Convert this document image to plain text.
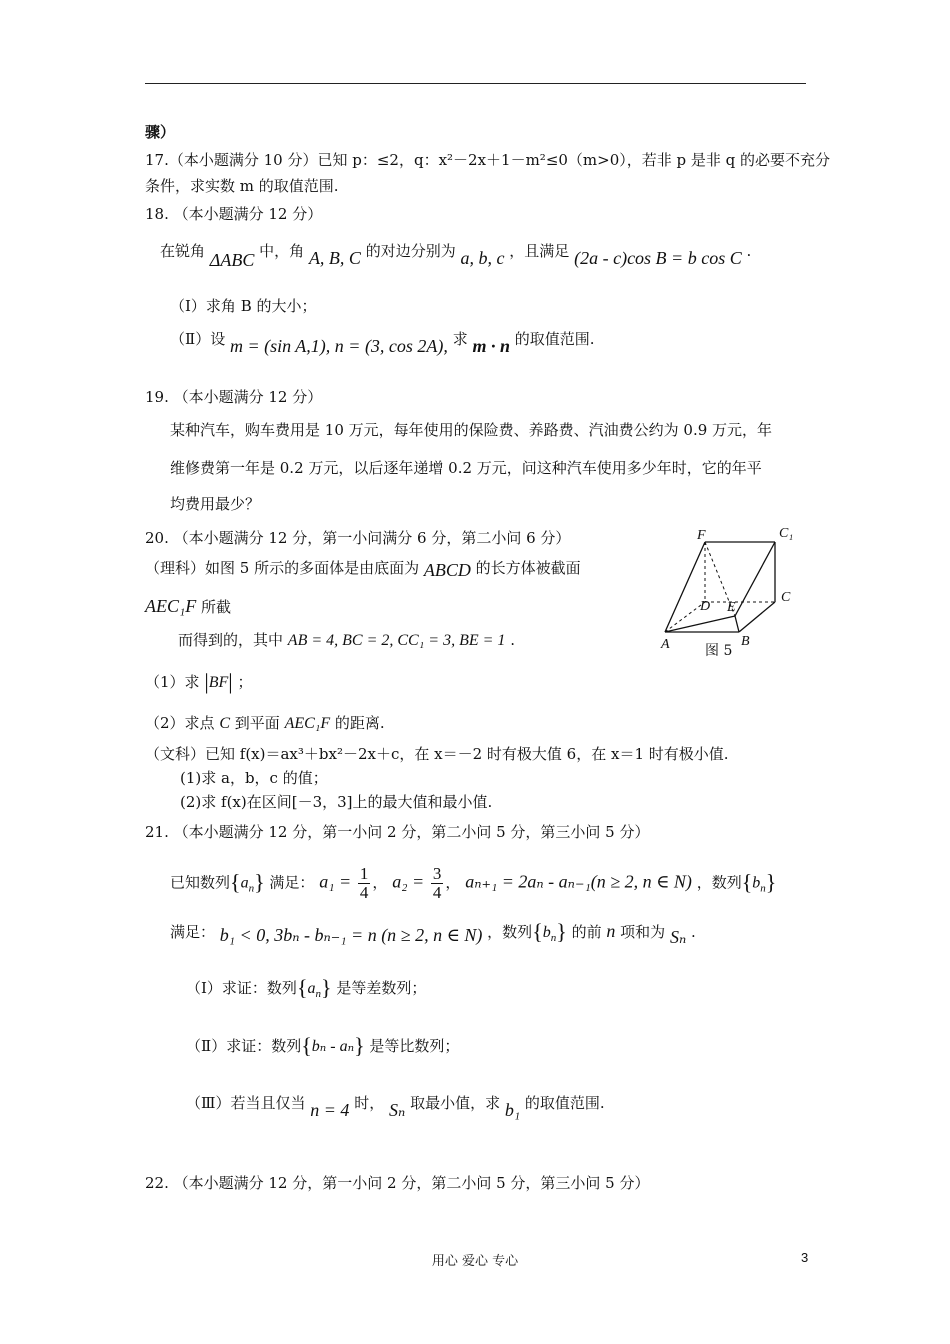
骤）
17.（本小题满分 10 分）已知 p：≤2，q：x²－2x＋1－m²≤0（m>0），若非 p 是非 q 的必要不充分
条件，求实数 m 的取值范围.
18. （本小题满分 12 分）
在锐角 ΔABC 中，角 A, B, C 的对边分别为 a, b, c ，且满足 (2a - c)cos B = b cos C .
（Ⅰ）求角 B 的大小；
（Ⅱ）设 m = (sin A,1), n = (3, cos 2A), 求 m · n 的取值范围.
19. （本小题满分 12 分）
某种汽车，购车费用是 10 万元，每年使用的保险费、养路费、汽油费公约为 0.9 万元，年
维修费第一年是 0.2 万元，以后逐年递增 0.2 万元，问这种汽车使用多少年时，它的年平
均费用最少？
20. （本小题满分 12 分，第一小问满分 6 分，第二小问 6 分）
（理科）如图 5 所示的多面体是由底面为 ABCD 的长方体被截面
AEC₁F 所截
而得到的，其中 AB = 4, BC = 2, CC₁ = 3, BE = 1 .
（1）求 |BF| ；
（2）求点 C 到平面 AEC₁F 的距离.
（文科）已知 f(x)＝ax³＋bx²－2x＋c，在 x＝－2 时有极大值 6，在 x＝1 时有极小值.
(1)求 a，b，c 的值；
(2)求 f(x)在区间[－3，3]上的最大值和最小值.
F	C₁
D E
C
A	B
图 5
21. （本小题满分 12 分，第一小问 2 分，第二小问 5 分，第三小问 5 分）
已知数列$\{a_n\}$ 满足： $a_1 = \frac{1}{4}$ ， $a_2 = \frac{3}{4}$ ， aₙ₊₁ = 2aₙ - aₙ₋₁(n ≥ 2, n ∈ N) ，数列$\{b_n\}$
满足： b₁ < 0, 3bₙ - bₙ₋₁ = n (n ≥ 2, n ∈ N) ，数列$\{b_n\}$ 的前 n 项和为 Sₙ .
（Ⅰ）求证：数列$\{a_n\}$ 是等差数列；
（Ⅱ）求证：数列{bₙ - aₙ} 是等比数列；
（Ⅲ）若当且仅当 n = 4 时， Sₙ 取最小值，求 b₁ 的取值范围.
22. （本小题满分 12 分，第一小问 2 分，第二小问 5 分，第三小问 5 分）
用心 爱心 专心	3
